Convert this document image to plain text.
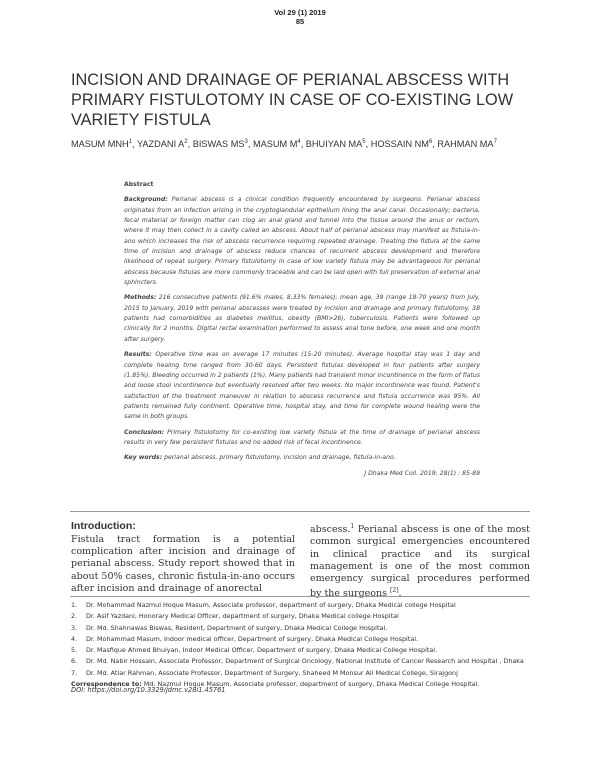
Vol 29 (1) 2019
85
INCISION AND DRAINAGE OF PERIANAL ABSCESS WITH PRIMARY FISTULOTOMY IN CASE OF CO-EXISTING LOW VARIETY FISTULA
MASUM MNH$^1$, YAZDANI $A^2$, BISWAS $MS^3$, MASUM $M^4$, BHUIYAN $MA^5$, HOSSAIN $NM^6$, RAHMAN $MA^7$

Abstract

Background: Perianal abscess is a clinical condition frequently encountered by surgeons. Perianal abscess originates from an infection arising in the cryptoglandular epithelium lining the anal canal. Occasionally; bacteria, fecal material or foreign matter can clog an anal gland and tunnel into the tissue around the anus or rectum, where it may then collect in a cavity called an abscess. About half of perianal abscess may manifest as fistula-in-ano which increases the risk of abscess recurrence requiring repeated drainage. Treating the fistula at the same time of incision and drainage of abscess reduce chances of recurrent abscess development and therefore likelihood of repeat surgery. Primary fistulotomy in case of low variety fistula may be advantageous for perianal abscess because fistulas are more commonly traceable and can be laid open with full preservation of external anal sphincters.

Methods: 216 consecutive patients (91.6% males, 8.33% females); mean age, 39 (range 18-70 years) from July, 2015 to January, 2019 with perianal abscesses were treated by incision and drainage and primary fistulotomy. 38 patients had comorbidities as diabetes mellitus, obesity (BMI>26), tuberculosis. Patients were followed up clinically for 2 months. Digital rectal examination performed to assess anal tone before, one week and one month after surgery.

Results: Operative time was on average 17 minutes (15-20 minutes). Average hospital stay was 1 day and complete healing time ranged from 30-60 days. Persistent fistulas developed in four patients after surgery (1.85%). Bleeding occurred in 2 patients (1%). Many patients had transient minor incontinence in the form of flatus and loose stool incontinence but eventually resolved after two weeks. No major incontinence was found. Patient's satisfaction of the treatment maneuver in relation to abscess recurrence and fistula occurrence was 95%. All patients remained fully continent. Operative time, hospital stay, and time for complete wound healing were the same in both groups.

Conclusion: Primary fistulotomy for co-existing low variety fistula at the time of drainage of perianal abscess results in very few persistent fistulas and no added risk of fecal incontinence.

Key words: perianal abscess, primary fistulotomy, incision and drainage, fistula-in-ano.

J Dhaka Med Coll. 2019; 28(1) : 85-89

Introduction:
Fistula tract formation is a potential complication after incision and drainage of perianal abscess. Study report showed that in about 50% cases, chronic fistula-in-ano occurs after incision and drainage of anorectal
abscess.$^1$ Perianal abscess is one of the most common surgical emergencies encountered in clinical practice and its surgical management is one of the most common emergency surgical procedures performed by the surgeons [2].
1. Dr. Mohammad Nazmul Hoque Masum, Associate professor, department of surgery, Dhaka Medical college Hospital
2. Dr. Asif Yazdani, Honorary Medical Officer, department of surgery, Dhaka Medical college Hospital
3. Dr. Md. Shahnawas Biswas, Resident, Department of surgery, Dhaka Medical College Hospital.
4. Dr. Mohammad Masum, Indoor medical officer, Department of surgery, Dhaka Medical College Hospital.
5. Dr. Masfique Ahmed Bhuiyan, Indoor Medical Officer, Department of surgery, Dhaka Medical College Hospital.
6. Dr. Md. Nabir Hossain, Associate Professor, Department of Surgical Oncology, National Institute of Cancer Research and Hospital , Dhaka
7. Dr. Md. Atiar Rahman, Associate Professor, Department of Surgery, Shaheed M Monsur Ali Medical College, Sirajgonj
Correspondence to: Md. Nazmul Hoque Masum, Associate professor, department of surgery, Dhaka Medical College Hospital.
DOI: https://doi.org/10.3329/jdmc.v28i1.45761
